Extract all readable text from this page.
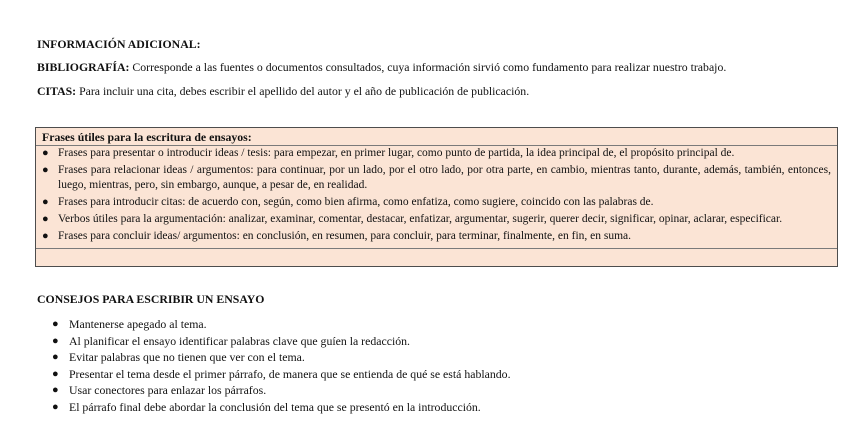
INFORMACIÓN ADICIONAL:
BIBLIOGRAFÍA: Corresponde a las fuentes o documentos consultados, cuya información sirvió como fundamento para realizar nuestro trabajo.
CITAS: Para incluir una cita, debes escribir el apellido del autor y el año de publicación de publicación.
Frases útiles para la escritura de ensayos:
● Frases para presentar o introducir ideas / tesis: para empezar, en primer lugar, como punto de partida, la idea principal de, el propósito principal de.
● Frases para relacionar ideas / argumentos: para continuar, por un lado, por el otro lado, por otra parte, en cambio, mientras tanto, durante, además, también, entonces, luego, mientras, pero, sin embargo, aunque, a pesar de, en realidad.
● Frases para introducir citas: de acuerdo con, según, como bien afirma, como enfatiza, como sugiere, coincido con las palabras de.
● Verbos útiles para la argumentación: analizar, examinar, comentar, destacar, enfatizar, argumentar, sugerir, querer decir, significar, opinar, aclarar, especificar.
● Frases para concluir ideas/ argumentos: en conclusión, en resumen, para concluir, para terminar, finalmente, en fin, en suma.
CONSEJOS PARA ESCRIBIR UN ENSAYO
● Mantenerse apegado al tema.
● Al planificar el ensayo identificar palabras clave que guíen la redacción.
● Evitar palabras que no tienen que ver con el tema.
● Presentar el tema desde el primer párrafo, de manera que se entienda de qué se está hablando.
● Usar conectores para enlazar los párrafos.
● El párrafo final debe abordar la conclusión del tema que se presentó en la introducción.
